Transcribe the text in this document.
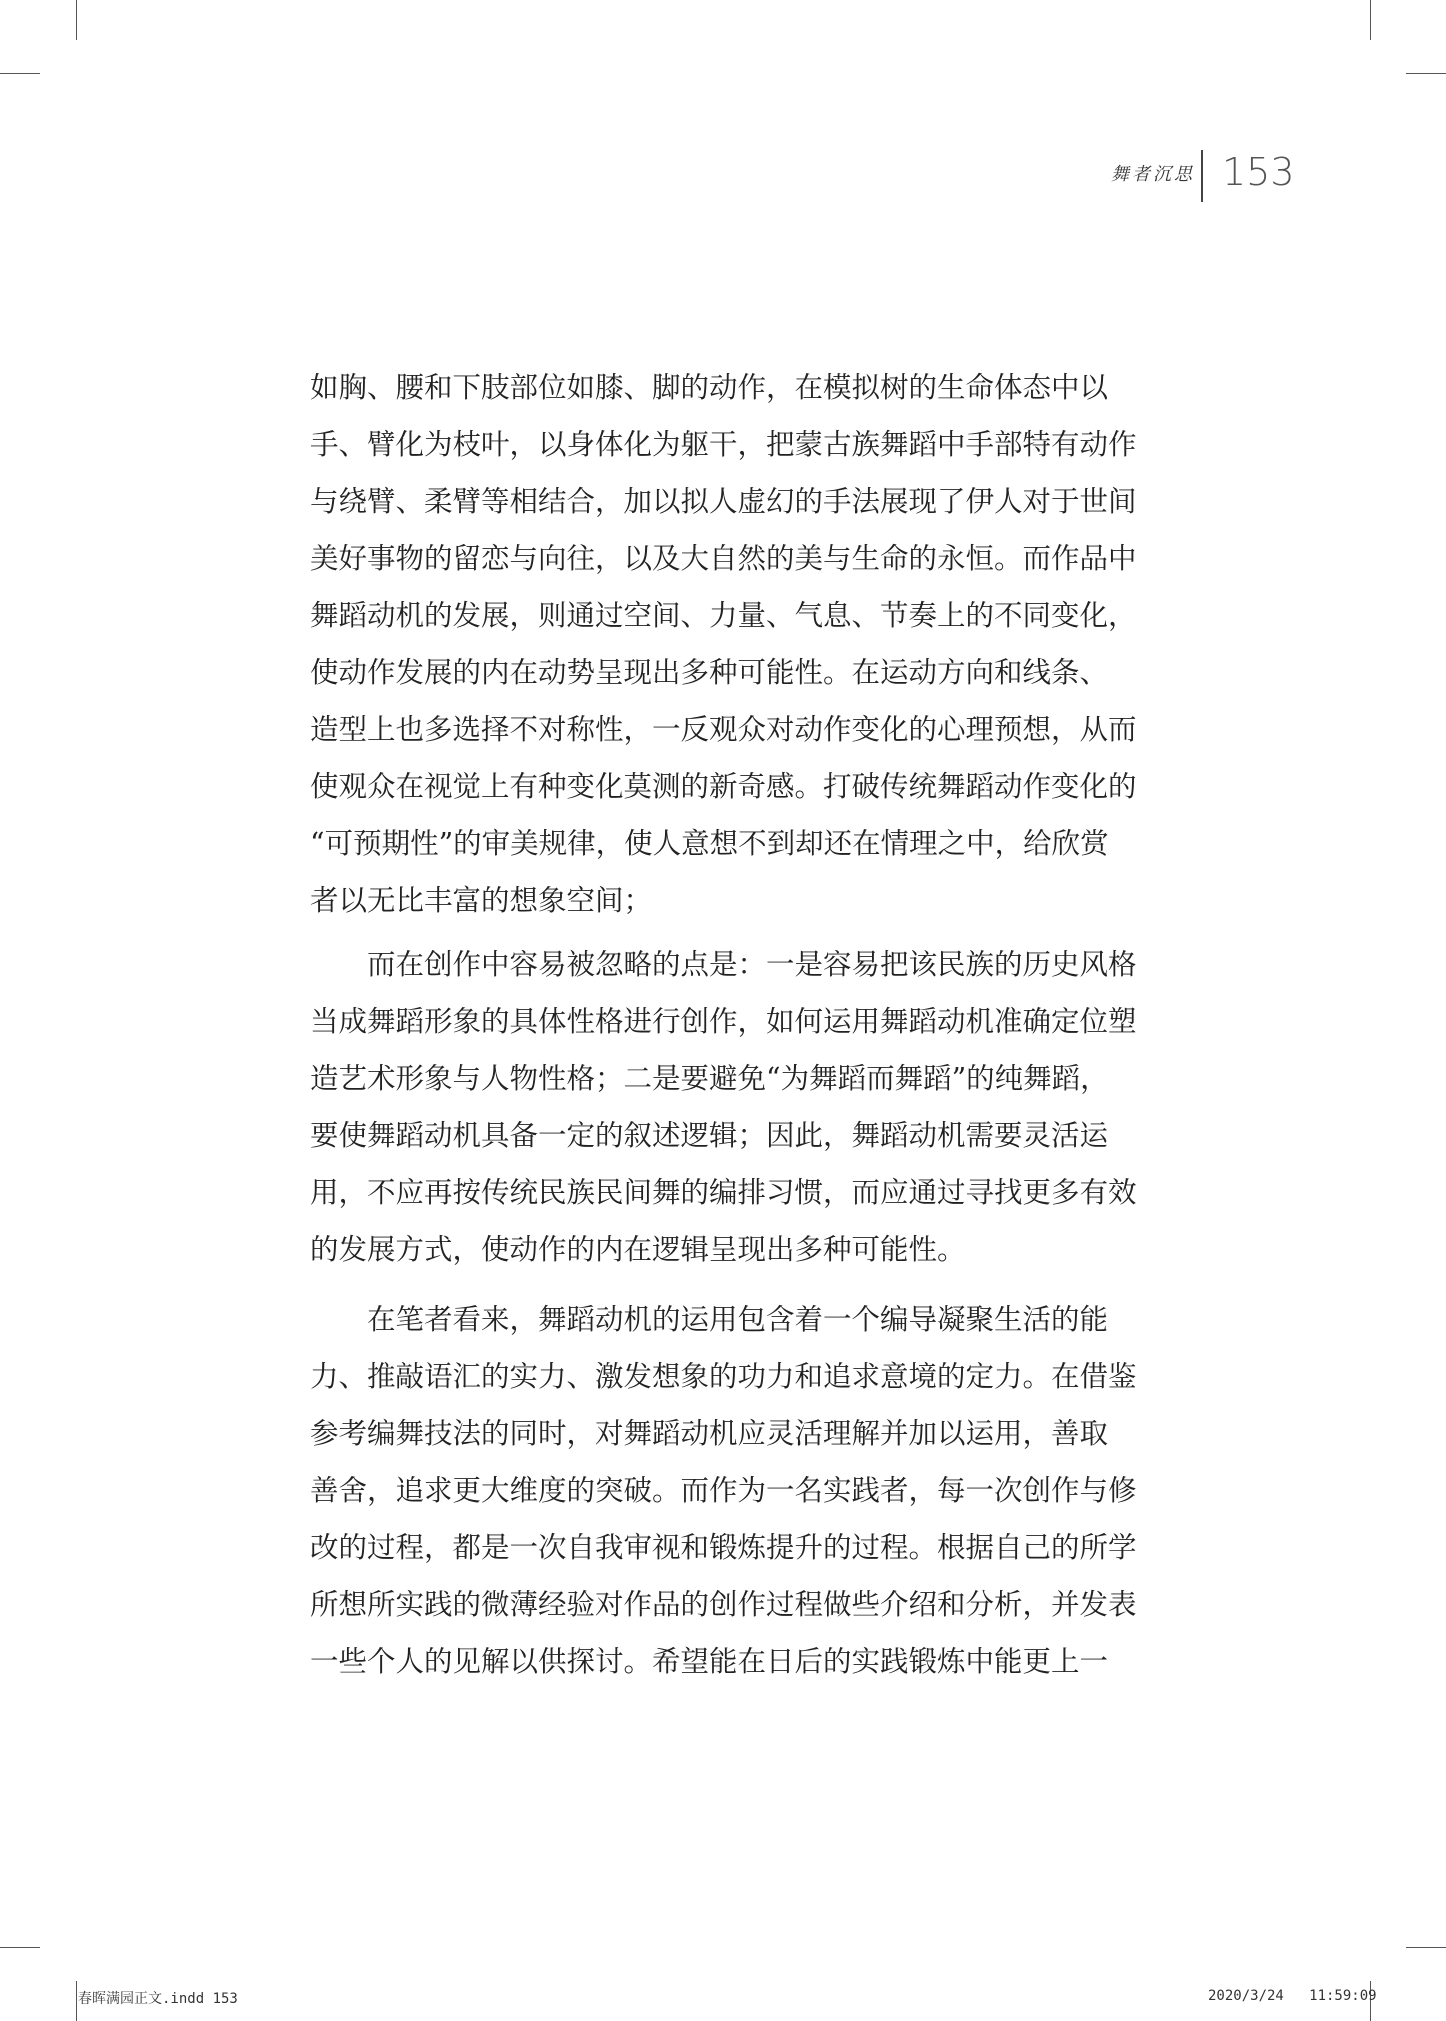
舞者沉思 153
如胸、腰和下肢部位如膝、脚的动作，在模拟树的生命体态中以
手、臂化为枝叶，以身体化为躯干，把蒙古族舞蹈中手部特有动作
与绕臂、柔臂等相结合，加以拟人虚幻的手法展现了伊人对于世间
美好事物的留恋与向往，以及大自然的美与生命的永恒。而作品中
舞蹈动机的发展，则通过空间、力量、气息、节奏上的不同变化，
使动作发展的内在动势呈现出多种可能性。在运动方向和线条、
造型上也多选择不对称性，一反观众对动作变化的心理预想，从而
使观众在视觉上有种变化莫测的新奇感。打破传统舞蹈动作变化的
“可预期性”的审美规律，使人意想不到却还在情理之中，给欣赏
者以无比丰富的想象空间；
而在创作中容易被忽略的点是：一是容易把该民族的历史风格
当成舞蹈形象的具体性格进行创作，如何运用舞蹈动机准确定位塑
造艺术形象与人物性格；二是要避免“为舞蹈而舞蹈”的纯舞蹈，
要使舞蹈动机具备一定的叙述逻辑；因此，舞蹈动机需要灵活运
用，不应再按传统民族民间舞的编排习惯，而应通过寻找更多有效
的发展方式，使动作的内在逻辑呈现出多种可能性。
在笔者看来，舞蹈动机的运用包含着一个编导凝聚生活的能
力、推敲语汇的实力、激发想象的功力和追求意境的定力。在借鉴
参考编舞技法的同时，对舞蹈动机应灵活理解并加以运用，善取
善舍，追求更大维度的突破。而作为一名实践者，每一次创作与修
改的过程，都是一次自我审视和锻炼提升的过程。根据自己的所学
所想所实践的微薄经验对作品的创作过程做些介绍和分析，并发表
一些个人的见解以供探讨。希望能在日后的实践锻炼中能更上一
春晖满园正文.indd 153	2020/3/24   11:59:09
